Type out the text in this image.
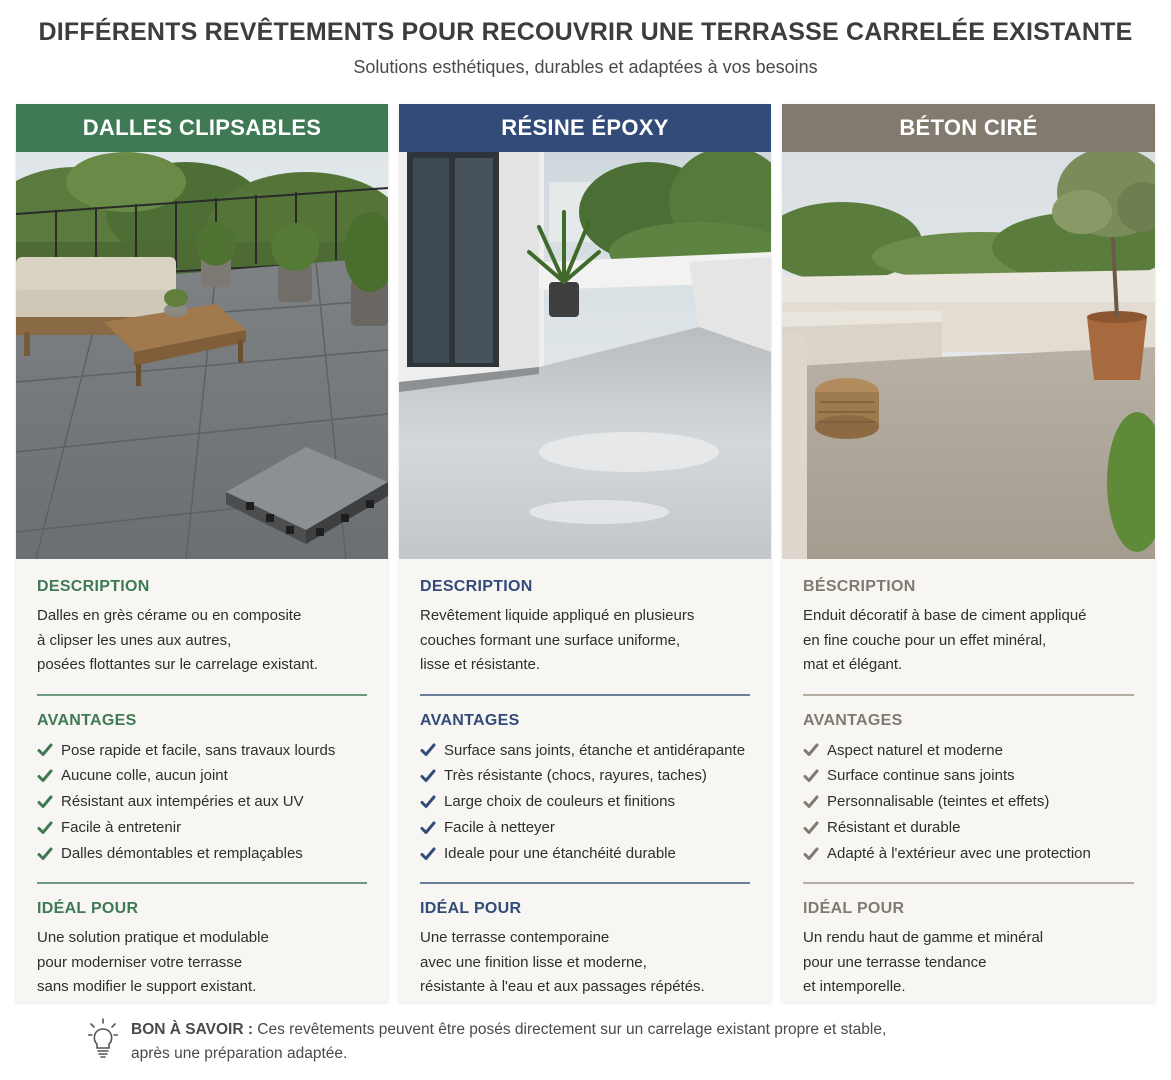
DIFFÉRENTS REVÊTEMENTS POUR RECOUVRIR UNE TERRASSE CARRELÉE EXISTANTE
Solutions esthétiques, durables et adaptées à vos besoins
DALLES CLIPSABLES
DESCRIPTION
Dalles en grès cérame ou en composite
à clipser les unes aux autres,
posées flottantes sur le carrelage existant.
AVANTAGES
Pose rapide et facile, sans travaux lourds
Aucune colle, aucun joint
Résistant aux intempéries et aux UV
Facile à entretenir
Dalles démontables et remplaçables
IDÉAL POUR
Une solution pratique et modulable
pour moderniser votre terrasse
sans modifier le support existant.
RÉSINE ÉPOXY
DESCRIPTION
Revêtement liquide appliqué en plusieurs
couches formant une surface uniforme,
lisse et résistante.
AVANTAGES
Surface sans joints, étanche et antidérapante
Très résistante (chocs, rayures, taches)
Large choix de couleurs et finitions
Facile à netteyer
Ideale pour une étanchéité durable
IDÉAL POUR
Une terrasse contemporaine
avec une finition lisse et moderne,
résistante à l'eau et aux passages répétés.
BÉTON CIRÉ
BÉSCRIPTION
Enduit décoratif à base de ciment appliqué
en fine couche pour un effet minéral,
mat et élégant.
AVANTAGES
Aspect naturel et moderne
Surface continue sans joints
Personnalisable (teintes et effets)
Résistant et durable
Adapté à l'extérieur avec une protection
IDÉAL POUR
Un rendu haut de gamme et minéral
pour une terrasse tendance
et intemporelle.
BON À SAVOIR : Ces revêtements peuvent être posés directement sur un carrelage existant propre et stable,
après une préparation adaptée.
